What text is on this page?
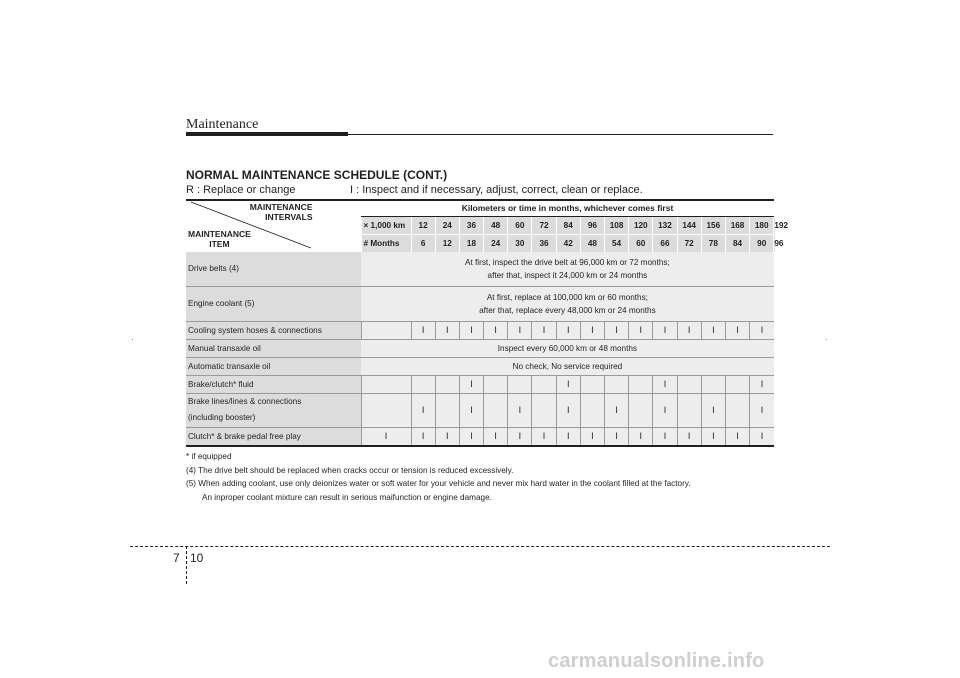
Maintenance
NORMAL MAINTENANCE SCHEDULE (CONT.)
R : Replace or change	I : Inspect and if necessary, adjust, correct, clean or replace.
MAINTENANCE
INTERVALS
MAINTENANCE
ITEM	Kilometers or time in months, whichever comes first																
	× 1,000 km	12	24	36	48	60	72	84	96	108	120	132	144	156	168	180	192
	# Months	6	12	18	24	30	36	42	48	54	60	66	72	78	84	90	96
Drive belts (4)	At first, inspect the drive belt at 96,000 km or 72 months;
after that, inspect it 24,000 km or 24 months																

Engine coolant (5)	At first, replace at 100,000 km or 60 months;
after that, replace every 48,000 km or 24 months																

Cooling system hoses & connections		I	I	I	I	I	I	I	I	I	I	I	I	I	I	I	
Manual transaxle oil	Inspect every 60,000 km or 48 months																
Automatic transaxle oil	No check, No service required																
Brake/clutch* fluid				I				I				I				I	

Brake lines/lines & connections
(including booster)		I		I		I		I		I		I		I		I	
Clutch* & brake pedal free play	I	I	I	I	I	I	I	I	I	I	I	I	I	I	I	I	
* if equipped
(4) The drive belt should be replaced when cracks occur or tension is reduced excessively.
(5) When adding coolant, use only deionizes water or soft water for your vehicle and never mix hard water in the coolant filled at the factory.
An inproper coolant mixture can result in serious maifunction or engine damage.
7 10
carmanualsonline.info
